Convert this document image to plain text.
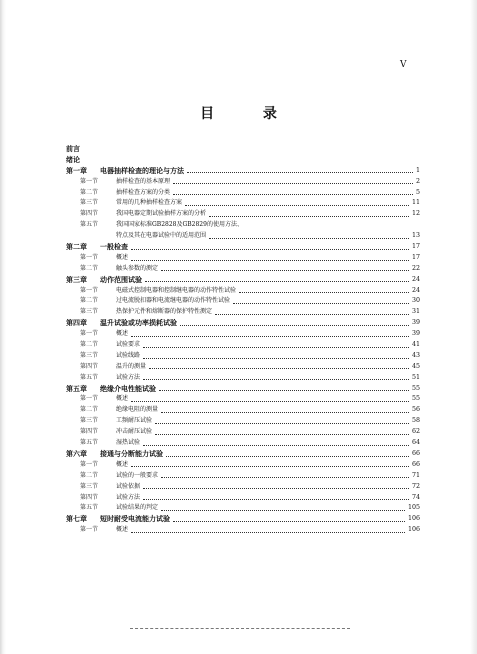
V
目 录
前言
绪论
第一章 电器抽样检查的理论与方法	1
第一节	抽样检查的基本原理	2
第二节	抽样检查方案的分类	5
第三节	常用的几种抽样检查方案	11
第四节	我国电器定期试验抽样方案的分析	12
第五节	我国国家标准GB2828及GB2829的使用方法、
特点及其在电器试验中的适用范围	13
第二章 一般检查	17
第一节	概述	17
第二节	触头参数的测定	22
第三章 动作范围试验	24
第一节	电磁式控制电器和控制继电器的动作特性试验	24
第二节	过电流脱扣器和电流继电器的动作特性试验	30
第三节	热保护元件和熔断器的保护特性测定	31
第四章 温升试验或功率损耗试验	39
第一节	概述	39
第二节	试验要求	41
第三节	试验线路	43
第四节	温升的测量	45
第五节	试验方法	51
第五章 绝缘介电性能试验	55
第一节	概述	55
第二节	绝缘电阻的测量	56
第三节	工频耐压试验	58
第四节	冲击耐压试验	62
第五节	湿热试验	64
第六章 接通与分断能力试验	66
第一节	概述	66
第二节	试验的一般要求	71
第三节	试验依据	72
第四节	试验方法	74
第五节	试验结果的判定	105
第七章 短时耐受电流能力试验	106
第一节	概述	106
